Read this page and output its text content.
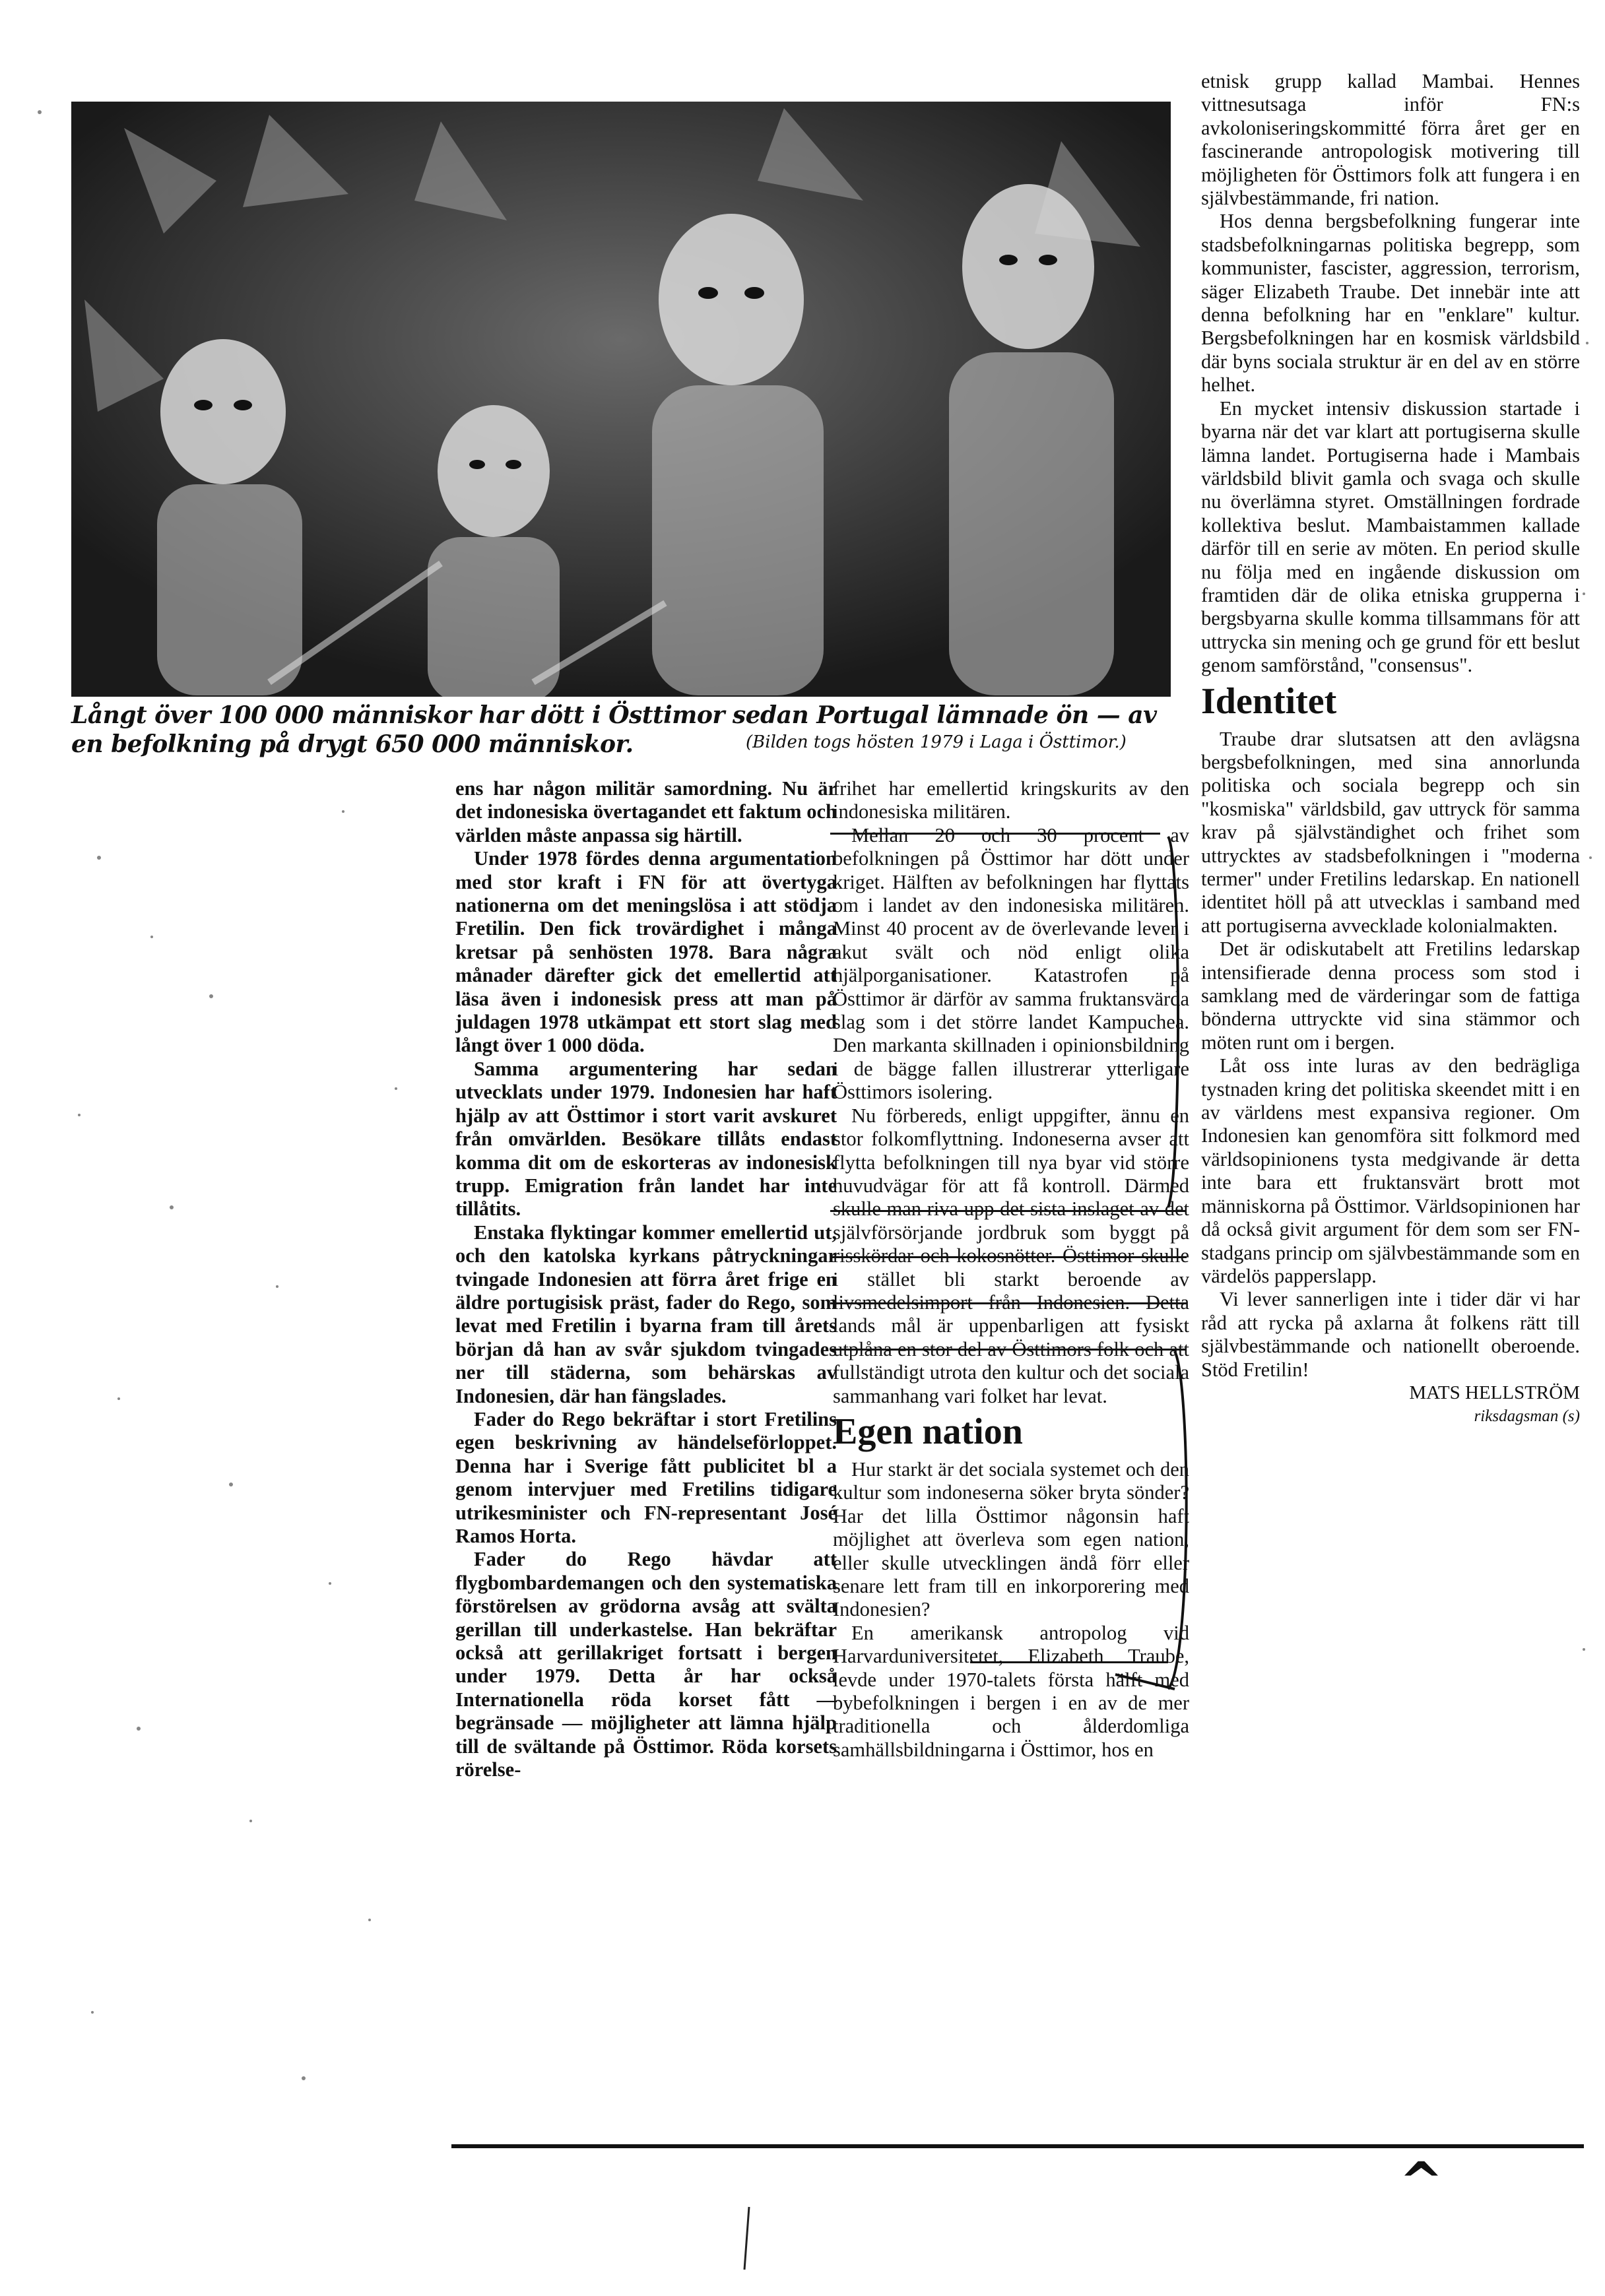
Långt över 100 000 människor har dött i Östtimor sedan Portugal lämnade ön — av en befolkning på drygt 650 000 människor.	(Bilden togs hösten 1979 i Laga i Östtimor.)

ens har någon militär samordning. Nu är det indonesiska övertagandet ett faktum och världen måste anpassa sig härtill.

Under 1978 fördes denna argumentation med stor kraft i FN för att övertyga nationerna om det meningslösa i att stödja Fretilin. Den fick trovärdighet i många kretsar på senhösten 1978. Bara några månader därefter gick det emellertid att läsa även i indonesisk press att man på juldagen 1978 utkämpat ett stort slag med långt över 1 000 döda.

Samma argumentering har sedan utvecklats under 1979. Indonesien har haft hjälp av att Östtimor i stort varit avskuret från omvärlden. Besökare tillåts endast komma dit om de eskorteras av indonesisk trupp. Emigration från landet har inte tillåtits.

Enstaka flyktingar kommer emellertid ut, och den katolska kyrkans påtryckningar tvingade Indonesien att förra året frige en äldre portugisisk präst, fader do Rego, som levat med Fretilin i byarna fram till årets början då han av svår sjukdom tvingades ner till städerna, som behärskas av Indonesien, där han fängslades.

Fader do Rego bekräftar i stort Fretilins egen beskrivning av händelseförloppet. Denna har i Sverige fått publicitet bl a genom intervjuer med Fretilins tidigare utrikesminister och FN-representant José Ramos Horta.

Fader do Rego hävdar att flygbombardemangen och den systematiska förstörelsen av grödorna avsåg att svälta gerillan till underkastelse. Han bekräftar också att gerillakriget fortsatt i bergen under 1979. Detta år har också Internationella röda korset fått — begränsade — möjligheter att lämna hjälp till de svältande på Östtimor. Röda korsets rörelse-

frihet har emellertid kringskurits av den indonesiska militären.

Mellan 20 och 30 procent av befolkningen på Östtimor har dött under kriget. Hälften av befolkningen har flyttats om i landet av den indonesiska militären. Minst 40 procent av de överlevande lever i akut svält och nöd enligt olika hjälporganisationer. Katastrofen på Östtimor är därför av samma fruktansvärda slag som i det större landet Kampuchea. Den markanta skillnaden i opinionsbildning i de bägge fallen illustrerar ytterligare Östtimors isolering.

Nu förbereds, enligt uppgifter, ännu en stor folkomflyttning. Indoneserna avser att flytta befolkningen till nya byar vid större huvudvägar för att få kontroll. Därmed skulle man riva upp det sista inslaget av det självförsörjande jordbruk som byggt på risskördar och kokosnötter. Östtimor skulle i stället bli starkt beroende av livsmedelsimport från Indonesien. Detta lands mål är uppenbarligen att fysiskt utplåna en stor del av Östtimors folk och att fullständigt utrota den kultur och det sociala sammanhang vari folket har levat.

Egen nation

Hur starkt är det sociala systemet och den kultur som indoneserna söker bryta sönder? Har det lilla Östtimor någonsin haft möjlighet att överleva som egen nation, eller skulle utvecklingen ändå förr eller senare lett fram till en inkorporering med Indonesien?

En amerikansk antropolog vid Harvarduniversitetet, Elizabeth Traube, levde under 1970-talets första hälft med bybefolkningen i bergen i en av de mer traditionella och ålderdomliga samhällsbildningarna i Östtimor, hos en

etnisk grupp kallad Mambai. Hennes vittnesutsaga inför FN:s avkoloniseringskommitté förra året ger en fascinerande antropologisk motivering till möjligheten för Östtimors folk att fungera i en självbestämmande, fri nation.

Hos denna bergsbefolkning fungerar inte stadsbefolkningarnas politiska begrepp, som kommunister, fascister, aggression, terrorism, säger Elizabeth Traube. Det innebär inte att denna befolkning har en "enklare" kultur. Bergsbefolkningen har en kosmisk världsbild där byns sociala struktur är en del av en större helhet.

En mycket intensiv diskussion startade i byarna när det var klart att portugiserna skulle lämna landet. Portugiserna hade i Mambais världsbild blivit gamla och svaga och skulle nu överlämna styret. Omställningen fordrade kollektiva beslut. Mambaistammen kallade därför till en serie av möten. En period skulle nu följa med en ingående diskussion om framtiden där de olika etniska grupperna i bergsbyarna skulle komma tillsammans för att uttrycka sin mening och ge grund för ett beslut genom samförstånd, "consensus".

Identitet

Traube drar slutsatsen att den avlägsna bergsbefolkningen, med sina annorlunda politiska och sociala begrepp och sin "kosmiska" världsbild, gav uttryck för samma krav på självständighet och frihet som uttrycktes av stadsbefolkningen i "moderna termer" under Fretilins ledarskap. En nationell identitet höll på att utvecklas i samband med att portugiserna avvecklade kolonialmakten.

Det är odiskutabelt att Fretilins ledarskap intensifierade denna process som stod i samklang med de värderingar som de fattiga bönderna uttryckte vid sina stämmor och möten runt om i bergen.

Låt oss inte luras av den bedrägliga tystnaden kring det politiska skeendet mitt i en av världens mest expansiva regioner. Om Indonesien kan genomföra sitt folkmord med världsopinionens tysta medgivande är detta inte bara ett fruktansvärt brott mot människorna på Östtimor. Världsopinionen har då också givit argument för dem som ser FN-stadgans princip om självbestämmande som en värdelös papperslapp.

Vi lever sannerligen inte i tider där vi har råd att rycka på axlarna åt folkens rätt till självbestämmande och nationellt oberoende. Stöd Fretilin!

MATS HELLSTRÖM

riksdagsman (s)

^
